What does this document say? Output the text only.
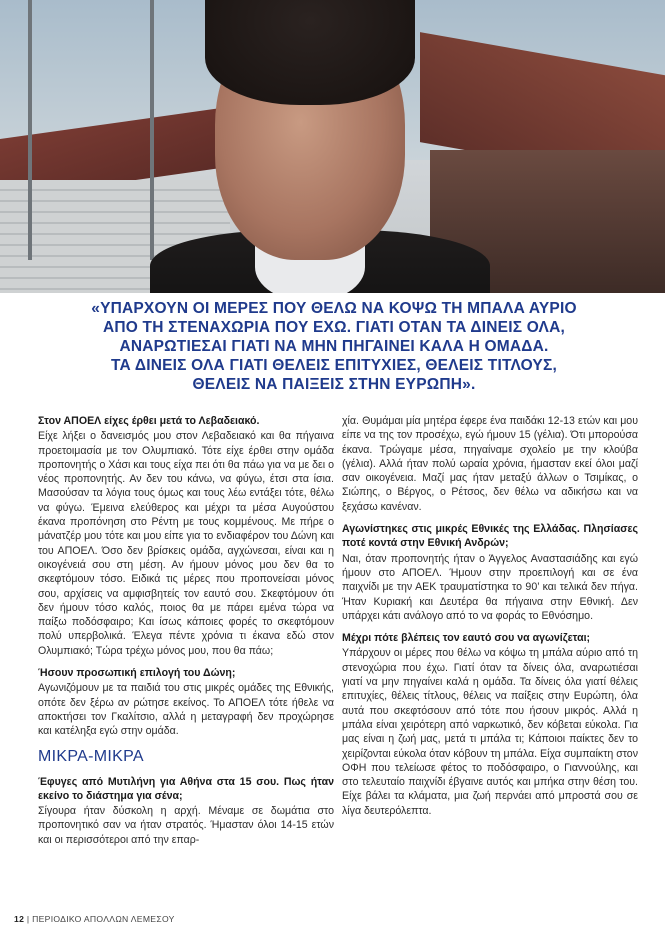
«ΥΠΑΡΧΟΥΝ ΟΙ ΜΕΡΕΣ ΠΟΥ ΘΕΛΩ ΝΑ ΚΟΨΩ ΤΗ ΜΠΑΛΑ ΑΥΡΙΟ
ΑΠΟ ΤΗ ΣΤΕΝΑΧΩΡΙΑ ΠΟΥ ΕΧΩ. ΓΙΑΤΙ ΟΤΑΝ ΤΑ ΔΙΝΕΙΣ ΟΛΑ,
ΑΝΑΡΩΤΙΕΣΑΙ ΓΙΑΤΙ ΝΑ ΜΗΝ ΠΗΓΑΙΝΕΙ ΚΑΛΑ Η ΟΜΑΔΑ.
ΤΑ ΔΙΝΕΙΣ ΟΛΑ ΓΙΑΤΙ ΘΕΛΕΙΣ ΕΠΙΤΥΧΙΕΣ, ΘΕΛΕΙΣ ΤΙΤΛΟΥΣ,
ΘΕΛΕΙΣ ΝΑ ΠΑΙΞΕΙΣ ΣΤΗΝ ΕΥΡΩΠΗ».

Στον ΑΠΟΕΛ είχες έρθει μετά το Λεβαδειακό.

Είχε λήξει ο δανεισμός μου στον Λεβαδειακό και θα πήγαινα προετοιμασία με τον Ολυμπιακό. Τότε είχε έρθει στην ομάδα προπονητής ο Χάσι και τους είχα πει ότι θα πάω για να με δει ο νέος προπονητής. Αν δεν του κάνω, να φύγω, έτσι στα ίσια. Μασούσαν τα λόγια τους όμως και τους λέω εντάξει τότε, θέλω να φύγω. Έμεινα ελεύθερος και μέχρι τα μέσα Αυγούστου έκανα προπόνηση στο Ρέντη με τους κομμένους. Με πήρε ο μάνατζέρ μου τότε και μου είπε για το ενδιαφέρον του Δώνη και του ΑΠΟΕΛ. Όσο δεν βρίσκεις ομάδα, αγχώνεσαι, είναι και η οικογένειά σου στη μέση. Αν ήμουν μόνος μου δεν θα το σκεφτόμουν τόσο. Ειδικά τις μέρες που προπονείσαι μόνος σου, αρχίσεις να αμφισβητείς τον εαυτό σου. Σκεφτόμουν ότι δεν ήμουν τόσο καλός, ποιος θα με πάρει εμένα τώρα να παίξω ποδόσφαιρο; Και ίσως κάποιες φορές το σκεφτόμουν πολύ υπερβολικά. Έλεγα πέντε χρόνια τι έκανα εδώ στον Ολυμπιακό; Τώρα τρέχω μόνος μου, που θα πάω;

Ήσουν προσωπική επιλογή του Δώνη;

Αγωνιζόμουν με τα παιδιά του στις μικρές ομάδες της Εθνικής, οπότε δεν ξέρω αν ρώτησε εκείνος. Το ΑΠΟΕΛ τότε ήθελε να αποκτήσει τον Γκαλίτσιο, αλλά η μεταγραφή δεν προχώρησε και κατέληξα εγώ στην ομάδα.

ΜΙΚΡΑ-ΜΙΚΡΑ

Έφυγες από Μυτιλήνη για Αθήνα στα 15 σου. Πως ήταν εκείνο το διάστημα για σένα;

Σίγουρα ήταν δύσκολη η αρχή. Μέναμε σε δωμάτια στο προπονητικό σαν να ήταν στρατός. Ήμασταν όλοι 14-15 ετών και οι περισσότεροι από την επαρ-

χία. Θυμάμαι μία μητέρα έφερε ένα παιδάκι 12-13 ετών και μου είπε να της τον προσέχω, εγώ ήμουν 15 (γέλια). Ότι μπορούσα έκανα. Τρώγαμε μέσα, πηγαίναμε σχολείο με την κλούβα (γέλια). Αλλά ήταν πολύ ωραία χρόνια, ήμασταν εκεί όλοι μαζί σαν οικογένεια. Μαζί μας ήταν μεταξύ άλλων ο Τσιμίκας, ο Σιώπης, ο Βέργος, ο Ρέτσος, δεν θέλω να αδικήσω και να ξεχάσω κανέναν.

Αγωνίστηκες στις μικρές Εθνικές της Ελλάδας. Πλησίασες ποτέ κοντά στην Εθνική Ανδρών;

Ναι, όταν προπονητής ήταν ο Άγγελος Αναστασιάδης και εγώ ήμουν στο ΑΠΟΕΛ. Ήμουν στην προεπιλογή και σε ένα παιχνίδι με την ΑΕΚ τραυματίστηκα το 90’ και τελικά δεν πήγα. Ήταν Κυριακή και Δευτέρα θα πήγαινα στην Εθνική. Δεν υπάρχει κάτι ανάλογο από το να φοράς το Εθνόσημο.

Μέχρι πότε βλέπεις τον εαυτό σου να αγωνίζεται;

Υπάρχουν οι μέρες που θέλω να κόψω τη μπάλα αύριο από τη στενοχώρια που έχω. Γιατί όταν τα δίνεις όλα, αναρωτιέσαι γιατί να μην πηγαίνει καλά η ομάδα. Τα δίνεις όλα γιατί θέλεις επιτυχίες, θέλεις τίτλους, θέλεις να παίξεις στην Ευρώπη, όλα αυτά που σκεφτόσουν από τότε που ήσουν μικρός. Αλλά η μπάλα είναι χειρότερη από ναρκωτικό, δεν κόβεται εύκολα. Για μας είναι η ζωή μας, μετά τι μπάλα τι; Κάποιοι παίκτες δεν το χειρίζονται εύκολα όταν κόβουν τη μπάλα. Είχα συμπαίκτη στον ΟΦΗ που τελείωσε φέτος το ποδόσφαιρο, ο Γιαννούλης, και στο τελευταίο παιχνίδι έβγαινε αυτός και μπήκα στην θέση του. Είχε βάλει τα κλάματα, μια ζωή περνάει από μπροστά σου σε λίγα δευτερόλεπτα.

12 | ΠΕΡΙΟΔΙΚΟ ΑΠΟΛΛΩΝ ΛΕΜΕΣΟΥ
